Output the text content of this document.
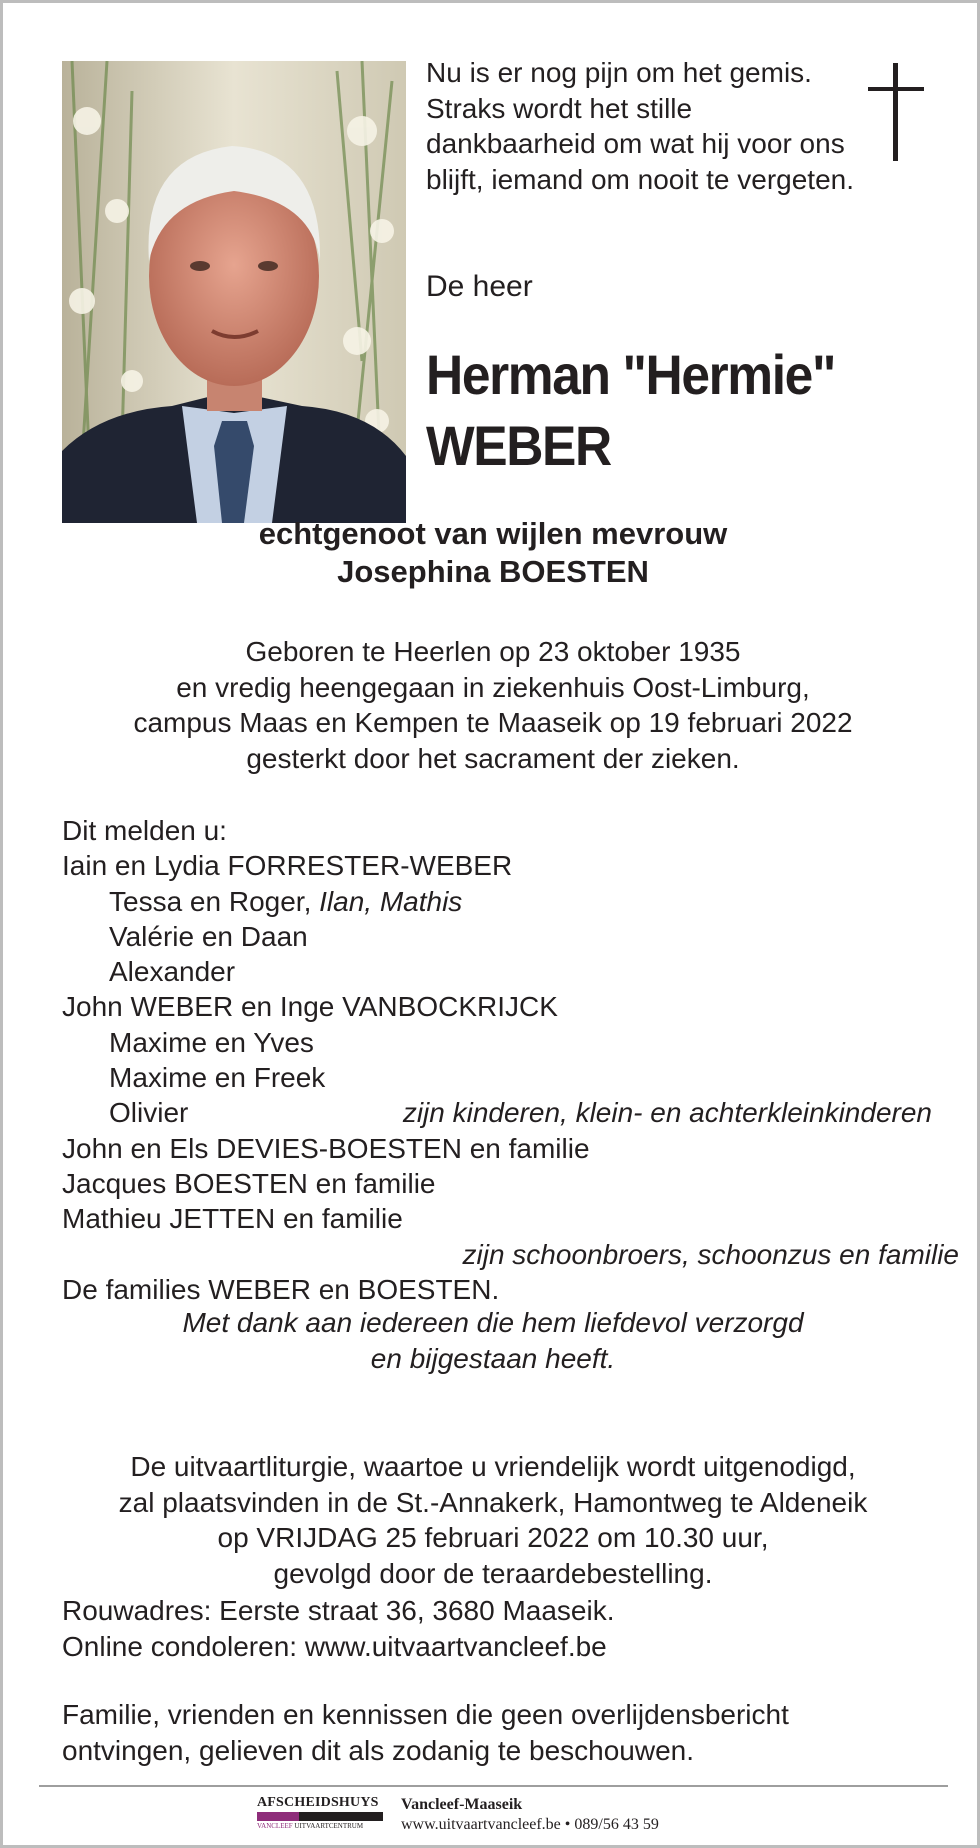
Nu is er nog pijn om het gemis. Straks wordt het stille dankbaarheid om wat hij voor ons blijft, iemand om nooit te vergeten.
De heer
Herman "Hermie"
WEBER
echtgenoot van wijlen mevrouw
Josephina BOESTEN
Geboren te Heerlen op 23 oktober 1935
en vredig heengegaan in ziekenhuis Oost-Limburg,
campus Maas en Kempen te Maaseik op 19 februari 2022
gesterkt door het sacrament der zieken.
Dit melden u:
Iain en Lydia FORRESTER-WEBER
Tessa en Roger, Ilan, Mathis
Valérie en Daan
Alexander
John WEBER en Inge VANBOCKRIJCK
Maxime en Yves
Maxime en Freek
Olivier	zijn kinderen, klein- en achterkleinkinderen
John en Els DEVIES-BOESTEN en familie
Jacques BOESTEN en familie
Mathieu JETTEN en familie
zijn schoonbroers, schoonzus en familie
De families WEBER en BOESTEN.
Met dank aan iedereen die hem liefdevol verzorgd
en bijgestaan heeft.
De uitvaartliturgie, waartoe u vriendelijk wordt uitgenodigd,
zal plaatsvinden in de St.-Annakerk, Hamontweg te Aldeneik
op VRIJDAG 25 februari 2022 om 10.30 uur,
gevolgd door de teraardebestelling.
Rouwadres: Eerste straat 36, 3680 Maaseik.
Online condoleren: www.uitvaartvancleef.be
Familie, vrienden en kennissen die geen overlijdensbericht
ontvingen, gelieven dit als zodanig te beschouwen.
AFSCHEIDSHUYS
VANCLEEF UITVAARTCENTRUM
Vancleef-Maaseik
www.uitvaartvancleef.be • 089/56 43 59
